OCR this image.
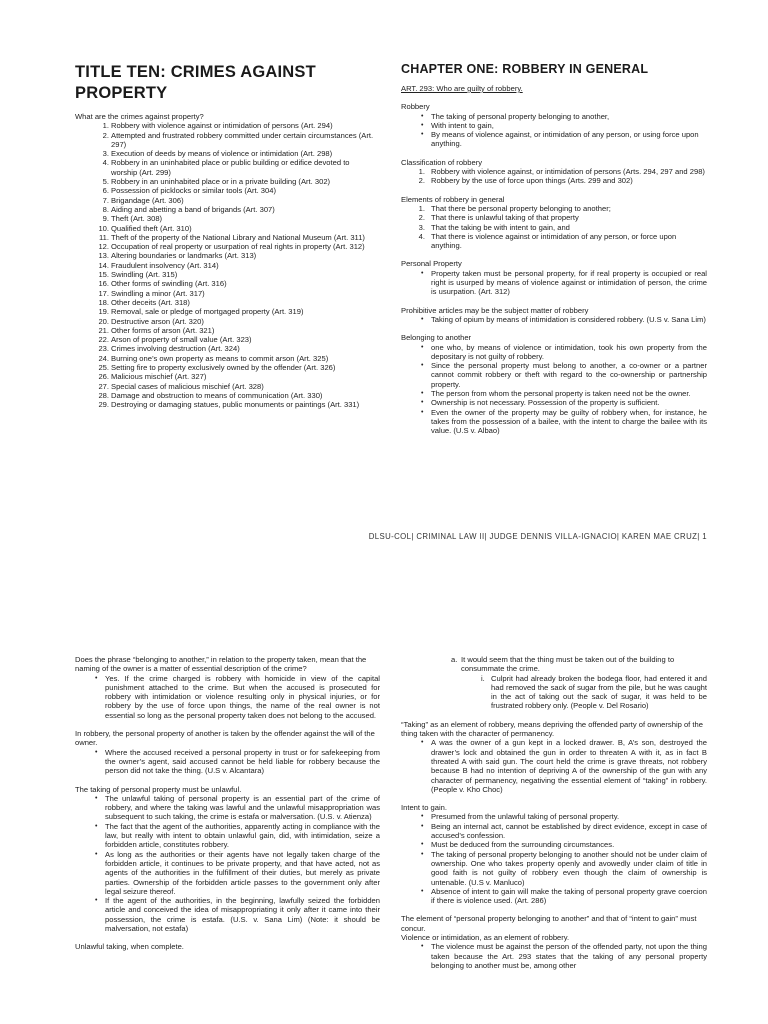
TITLE TEN: CRIMES AGAINST PROPERTY

What are the crimes against property?

1. Robbery with violence against or intimidation of persons (Art. 294)
2. Attempted and frustrated robbery committed under certain circumstances (Art. 297)
3. Execution of deeds by means of violence or intimidation (Art. 298)
4. Robbery in an uninhabited place or public building or edifice devoted to worship (Art. 299)
5. Robbery in an uninhabited place or in a private building (Art. 302)
6. Possession of picklocks or similar tools (Art. 304)
7. Brigandage (Art. 306)
8. Aiding and abetting a band of brigands (Art. 307)
9. Theft (Art. 308)
10. Qualified theft (Art. 310)
11. Theft of the property of the National Library and National Museum (Art. 311)
12. Occupation of real property or usurpation of real rights in property (Art. 312)
13. Altering boundaries or landmarks (Art. 313)
14. Fraudulent insolvency (Art. 314)
15. Swindling (Art. 315)
16. Other forms of swindling (Art. 316)
17. Swindling a minor (Art. 317)
18. Other deceits (Art. 318)
19. Removal, sale or pledge of mortgaged property (Art. 319)
20. Destructive arson (Art. 320)
21. Other forms of arson (Art. 321)
22. Arson of property of small value (Art. 323)
23. Crimes involving destruction (Art. 324)
24. Burning one’s own property as means to commit arson (Art. 325)
25. Setting fire to property exclusively owned by the offender (Art. 326)
26. Malicious mischief (Art. 327)
27. Special cases of malicious mischief (Art. 328)
28. Damage and obstruction to means of communication (Art. 330)
29. Destroying or damaging statues, public monuments or paintings (Art. 331)
CHAPTER ONE: ROBBERY IN GENERAL

ART. 293: Who are guilty of robbery.

Robbery

• The taking of personal property belonging to another,
• With intent to gain,
• By means of violence against, or intimidation of any person, or using force upon anything.

Classification of robbery

1. Robbery with violence against, or intimidation of persons (Arts. 294, 297 and 298)
2. Robbery by the use of force upon things (Arts. 299 and 302)

Elements of robbery in general

1. That there be personal property belonging to another;
2. That there is unlawful taking of that property
3. That the taking be with intent to gain, and
4. That there is violence against or intimidation of any person, or force upon anything.

Personal Property

• Property taken must be personal property, for if real property is occupied or real right is usurped by means of violence against or intimidation of person, the crime is usurpation. (Art. 312)

Prohibitive articles may be the subject matter of robbery

• Taking of opium by means of intimidation is considered robbery. (U.S v. Sana Lim)

Belonging to another

• one who, by means of violence or intimidation, took his own property from the depositary is not guilty of robbery.
• Since the personal property must belong to another, a co-owner or a partner cannot commit robbery or theft with regard to the co-ownership or partnership property.
• The person from whom the personal property is taken need not be the owner.
• Ownership is not necessary. Possession of the property is sufficient.
• Even the owner of the property may be guilty of robbery when, for instance, he takes from the possession of a bailee, with the intent to charge the bailee with its value. (U.S v. Albao)
DLSU-COL| CRIMINAL LAW II| JUDGE DENNIS VILLA-IGNACIO| KAREN MAE CRUZ| 1

Does the phrase “belonging to another,” in relation to the property taken, mean that the naming of the owner is a matter of essential description of the crime?

• Yes. If the crime charged is robbery with homicide in view of the capital punishment attached to the crime. But when the accused is prosecuted for robbery with intimidation or violence resulting only in physical injuries, or for robbery by the use of force upon things, the name of the real owner is not essential so long as the personal property taken does not belong to the accused.

In robbery, the personal property of another is taken by the offender against the will of the owner.

• Where the accused received a personal property in trust or for safekeeping from the owner’s agent, said accused cannot be held liable for robbery because the person did not take the thing. (U.S v. Alcantara)

The taking of personal property must be unlawful.

• The unlawful taking of personal property is an essential part of the crime of robbery, and where the taking was lawful and the unlawful misappropriation was subsequent to such taking, the crime is estafa or malversation. (U.S. v. Atienza)
• The fact that the agent of the authorities, apparently acting in compliance with the law, but really with intent to obtain unlawful gain, did, with intimidation, seize a forbidden article, constitutes robbery.
• As long as the authorities or their agents have not legally taken charge of the forbidden article, it continues to be private property, and that have acted, not as agents of the authorities in the fulfillment of their duties, but merely as private parties. Ownership of the forbidden article passes to the government only after legal seizure thereof.
• If the agent of the authorities, in the beginning, lawfully seized the forbidden article and conceived the idea of misappropriating it only after it came into their possession, the crime is estafa. (U.S. v. Sana Lim) (Note: it should be malversation, not estafa)

Unlawful taking, when complete.

a. It would seem that the thing must be taken out of the building to consummate the crime.
i. Culprit had already broken the bodega floor, had entered it and had removed the sack of sugar from the pile, but he was caught in the act of taking out the sack of sugar, it was held to be frustrated robbery only. (People v. Del Rosario)

“Taking” as an element of robbery, means depriving the offended party of ownership of the thing taken with the character of permanency.

• A was the owner of a gun kept in a locked drawer. B, A’s son, destroyed the drawer’s lock and obtained the gun in order to threaten A with it, as in fact B threated A with said gun. The court held the crime is grave threats, not robbery because B had no intention of depriving A of the ownership of the gun with any character of permanency, negativing the essential element of “taking” in robbery. (People v. Kho Choc)

Intent to gain.

• Presumed from the unlawful taking of personal property.
• Being an internal act, cannot be established by direct evidence, except in case of accused’s confession.
• Must be deduced from the surrounding circumstances.
• The taking of personal property belonging to another should not be under claim of ownership. One who takes property openly and avowedly under claim of title in good faith is not guilty of robbery even though the claim of ownership is untenable. (U.S v. Manluco)
• Absence of intent to gain will make the taking of personal property grave coercion if there is violence used. (Art. 286)

The element of “personal property belonging to another” and that of “intent to gain” must concur.

Violence or intimidation, as an element of robbery.

• The violence must be against the person of the offended party, not upon the thing taken because the Art. 293 states that the taking of any personal property belonging to another must be, among other
